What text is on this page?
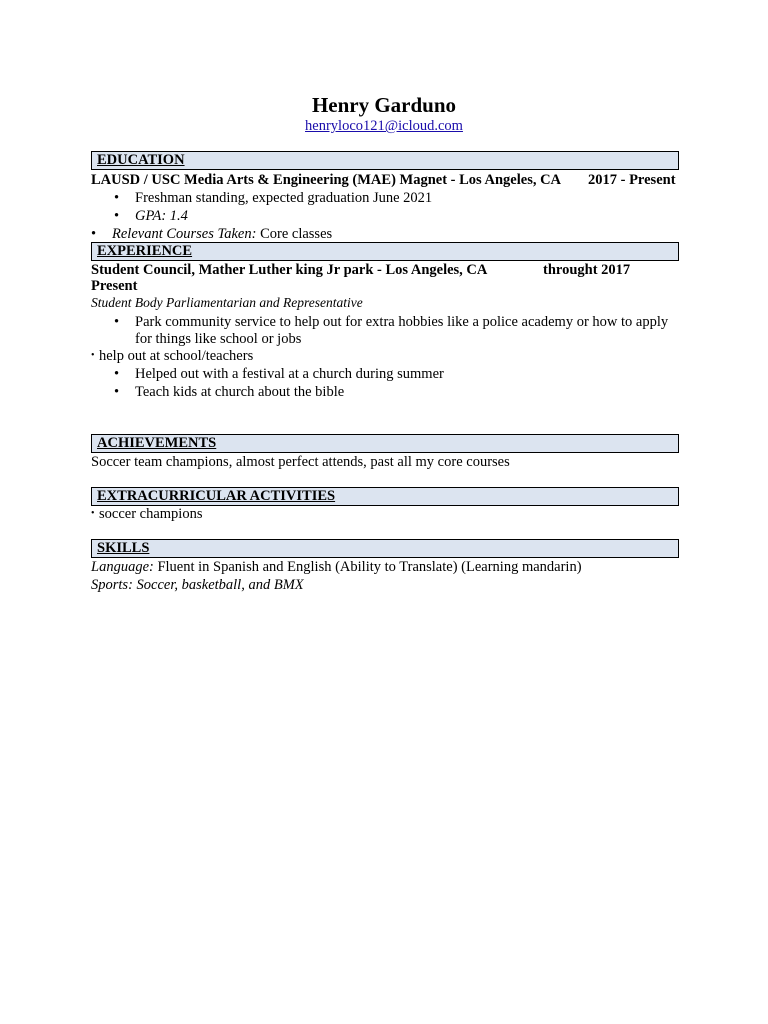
Henry Garduno
henryloco121@icloud.com
EDUCATION
LAUSD / USC Media Arts & Engineering (MAE) Magnet - Los Angeles, CA 2017 - Present
• Freshman standing, expected graduation June 2021
• GPA: 1.4
• Relevant Courses Taken: Core classes
EXPERIENCE
Student Council, Mather Luther king Jr park - Los Angeles, CA	throught 2017
Present
Student Body Parliamentarian and Representative
• Park community service to help out for extra hobbies like a police academy or how to apply
for things like school or jobs
• help out at school/teachers
• Helped out with a festival at a church during summer
• Teach kids at church about the bible
ACHIEVEMENTS
Soccer team champions, almost perfect attends, past all my core courses
EXTRACURRICULAR ACTIVITIES
• soccer champions
SKILLS
Language: Fluent in Spanish and English (Ability to Translate) (Learning mandarin)
Sports: Soccer, basketball, and BMX
